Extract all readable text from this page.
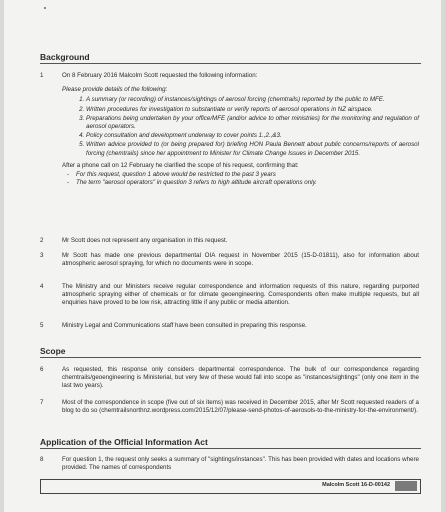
Background
1	On 8 February 2016 Malcolm Scott requested the following information:
Please provide details of the following:
1. A summary (or recording) of instances/sightings of aerosol forcing (chemtrails) reported by the public to MFE.
2. Written procedures for investigation to substantiate or verify reports of aerosol operations in NZ airspace.
3. Preparations being undertaken by your office/MFE (and/or advice to other ministries) for the monitoring and regulation of aerosol operators.
4. Policy consultation and development underway to cover points 1.,2.,&3.
5. Written advice provided to (or being prepared for) briefing HON Paula Bennett about public concerns/reports of aerosol forcing (chemtrails) since her appointment to Minister for Climate Change Issues in December 2015.
After a phone call on 12 February he clarified the scope of his request, confirming that:
- For this request, question 1 above would be restricted to the past 3 years
- The term "aerosol operators" in question 3 refers to high altitude aircraft operations only.
2	Mr Scott does not represent any organisation in this request.
3	Mr Scott has made one previous departmental OIA request in November 2015 (15-D-01811), also for information about atmospheric aerosol spraying, for which no documents were in scope.
4	The Ministry and our Ministers receive regular correspondence and information requests of this nature, regarding purported atmospheric spraying either of chemicals or for climate geoengineering. Correspondents often make multiple requests, but all enquiries have proved to be low risk, attracting little if any public or media attention.
5	Ministry Legal and Communications staff have been consulted in preparing this response.
Scope
6	As requested, this response only considers departmental correspondence. The bulk of our correspondence regarding chemtrails/geoengineering is Ministerial, but very few of these would fall into scope as "instances/sightings" (only one item in the last two years).
7	Most of the correspondence in scope (five out of six items) was received in December 2015, after Mr Scott requested readers of a blog to do so (chemtrailsnorthnz.wordpress.com/2015/12/07/please-send-photos-of-aerosols-to-the-ministry-for-the-environment/).
Application of the Official Information Act
8	For question 1, the request only seeks a summary of "sightings/instances". This has been provided with dates and locations where provided. The names of correspondents
Malcolm Scott 16-D-00142
